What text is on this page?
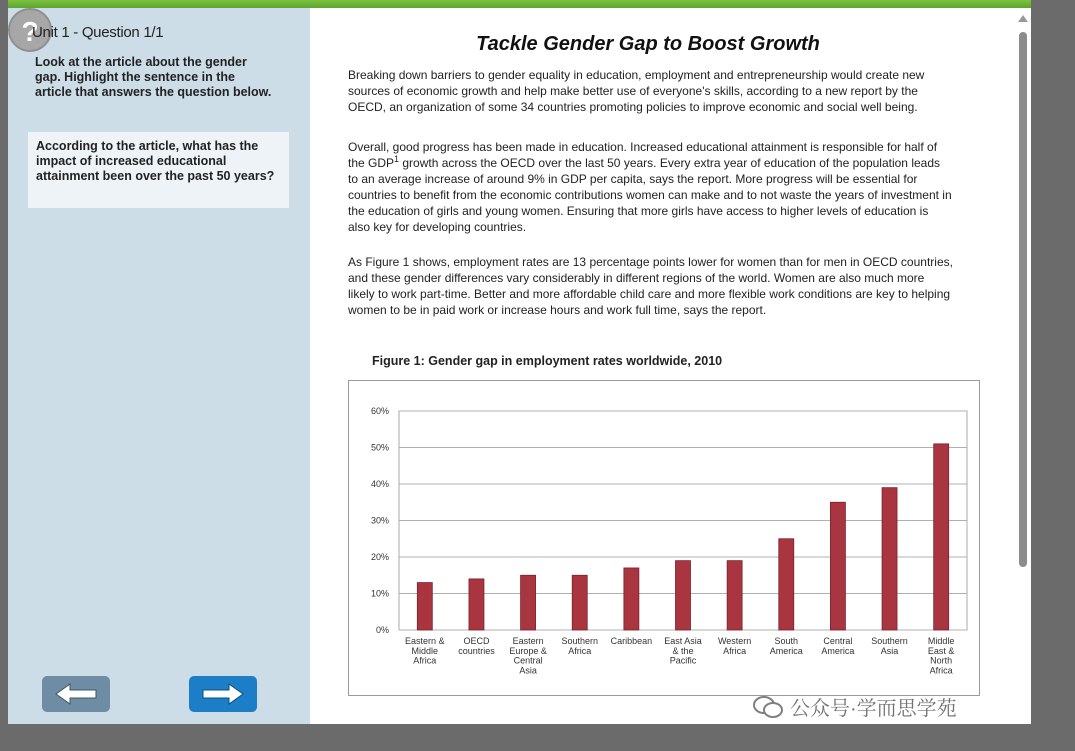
Unit 1 - Question 1/1
Look at the article about the gender gap. Highlight the sentence in the article that answers the question below.
According to the article, what has the impact of increased educational attainment been over the past 50 years?
?	Tackle Gender Gap to Boost Growth

Breaking down barriers to gender equality in education, employment and entrepreneurship would create new sources of economic growth and help make better use of everyone's skills, according to a new report by the OECD, an organization of some 34 countries promoting policies to improve economic and social well being.

Overall, good progress has been made in education. Increased educational attainment is responsible for half of the GDP$^1$ growth across the OECD over the last 50 years. Every extra year of education of the population leads to an average increase of around 9% in GDP per capita, says the report. More progress will be essential for countries to benefit from the economic contributions women can make and to not waste the years of investment in the education of girls and young women. Ensuring that more girls have access to higher levels of education is also key for developing countries.

As Figure 1 shows, employment rates are 13 percentage points lower for women than for men in OECD countries, and these gender differences vary considerably in different regions of the world. Women are also much more likely to work part-time. Better and more affordable child care and more flexible work conditions are key to helping women to be in paid work or increase hours and work full time, says the report.

Figure 1: Gender gap in employment rates worldwide, 2010
0%
10%
20%
30%
40%
50%
60%
Eastern &
Middle
Africa
OECD
countries
Eastern
Europe &
Central
Asia
Southern
Africa
Caribbean East Asia
& the
Pacific
Western
Africa
South
America
Central
America
Southern
Asia
Middle
East &
North
Africa
公众号·学而思学苑
